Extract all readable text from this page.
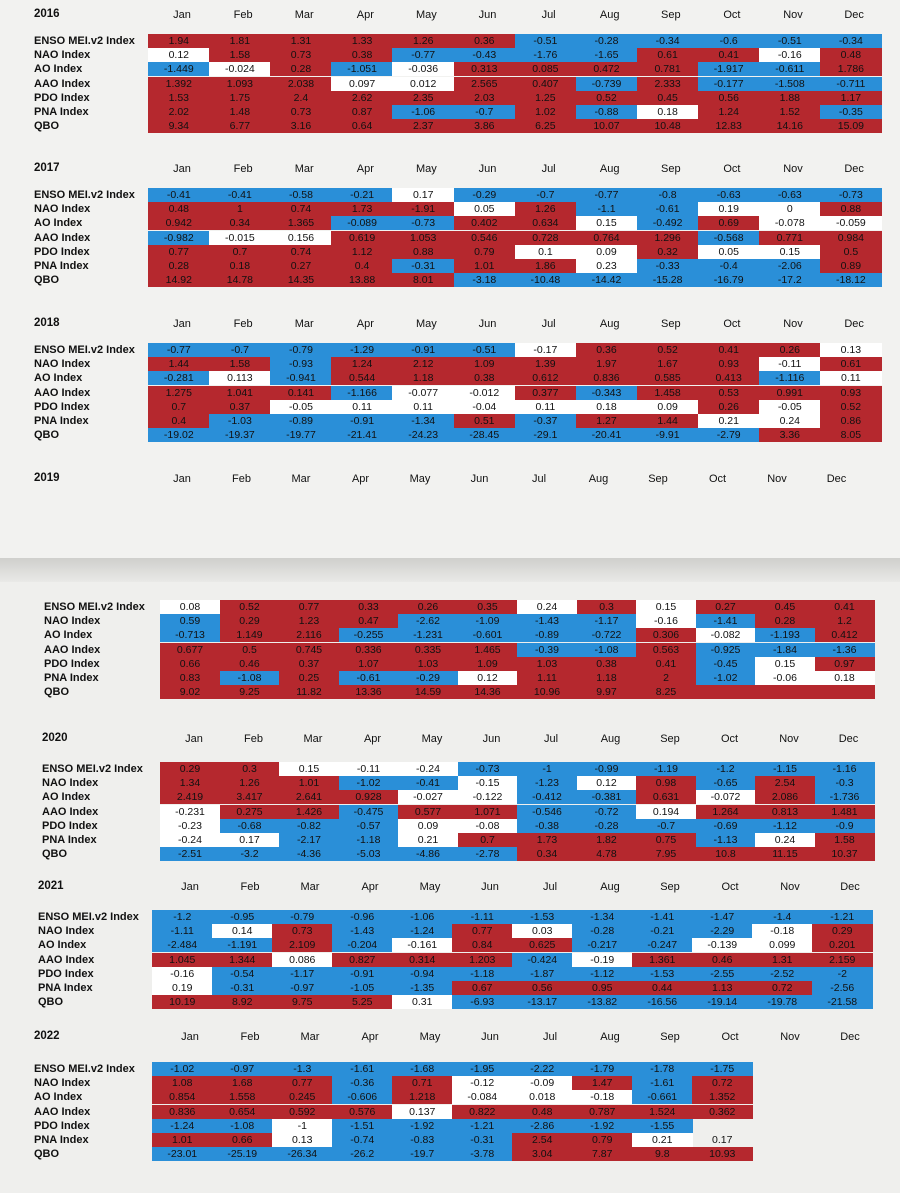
2016	Jan	Feb	Mar	Apr	May	Jun	Jul	Aug	Sep	Oct	Nov	Dec
ENSO MEI.v2 Index	1.94	1.81	1.31	1.33	1.26	0.36	-0.51	-0.28	-0.34	-0.6	-0.51	-0.34
NAO Index	0.12	1.58	0.73	0.38	-0.77	-0.43	-1.76	-1.65	0.61	0.41	-0.16	0.48
AO Index	-1.449	-0.024	0.28	-1.051	-0.036	0.313	0.085	0.472	0.781	-1.917	-0.611	1.786
AAO Index	1.392	1.093	2.038	0.097	0.012	2.565	0.407	-0.739	2.333	-0.177	-1.508	-0.711
PDO Index	1.53	1.75	2.4	2.62	2.35	2.03	1.25	0.52	0.45	0.56	1.88	1.17
PNA Index	2.02	1.48	0.73	0.87	-1.06	-0.7	1.02	-0.88	0.18	1.24	1.52	-0.35
QBO	9.34	6.77	3.16	0.64	2.37	3.86	6.25	10.07	10.48	12.83	14.16	15.09
2017	Jan	Feb	Mar	Apr	May	Jun	Jul	Aug	Sep	Oct	Nov	Dec
ENSO MEI.v2 Index	-0.41	-0.41	-0.58	-0.21	0.17	-0.29	-0.7	-0.77	-0.8	-0.63	-0.63	-0.73
NAO Index	0.48	1	0.74	1.73	-1.91	0.05	1.26	-1.1	-0.61	0.19	0	0.88
AO Index	0.942	0.34	1.365	-0.089	-0.73	0.402	0.634	0.15	-0.492	0.69	-0.078	-0.059
AAO Index	-0.982	-0.015	0.156	0.619	1.053	0.546	0.728	0.764	1.296	-0.568	0.771	0.984
PDO Index	0.77	0.7	0.74	1.12	0.88	0.79	0.1	0.09	0.32	0.05	0.15	0.5
PNA Index	0.28	0.18	0.27	0.4	-0.31	1.01	1.86	0.23	-0.33	-0.4	-2.06	0.89
QBO	14.92	14.78	14.35	13.88	8.01	-3.18	-10.48	-14.42	-15.28	-16.79	-17.2	-18.12
2018	Jan	Feb	Mar	Apr	May	Jun	Jul	Aug	Sep	Oct	Nov	Dec
ENSO MEI.v2 Index	-0.77	-0.7	-0.79	-1.29	-0.91	-0.51	-0.17	0.36	0.52	0.41	0.26	0.13
NAO Index	1.44	1.58	-0.93	1.24	2.12	1.09	1.39	1.97	1.67	0.93	-0.11	0.61
AO Index	-0.281	0.113	-0.941	0.544	1.18	0.38	0.612	0.836	0.585	0.413	-1.116	0.11
AAO Index	1.275	1.041	0.141	-1.166	-0.077	-0.012	0.377	-0.343	1.458	0.53	0.991	0.93
PDO Index	0.7	0.37	-0.05	0.11	0.11	-0.04	0.11	0.18	0.09	0.26	-0.05	0.52
PNA Index	0.4	-1.03	-0.89	-0.91	-1.34	0.51	-0.37	1.27	1.44	0.21	0.24	0.86
QBO	-19.02	-19.37	-19.77	-21.41	-24.23	-28.45	-29.1	-20.41	-9.91	-2.79	3.36	8.05
2019	Jan	Feb	Mar	Apr	May	Jun	Jul	Aug	Sep	Oct	Nov	Dec
ENSO MEI.v2 Index	0.08	0.52	0.77	0.33	0.26	0.35	0.24	0.3	0.15	0.27	0.45	0.41
NAO Index	0.59	0.29	1.23	0.47	-2.62	-1.09	-1.43	-1.17	-0.16	-1.41	0.28	1.2
AO Index	-0.713	1.149	2.116	-0.255	-1.231	-0.601	-0.89	-0.722	0.306	-0.082	-1.193	0.412
AAO Index	0.677	0.5	0.745	0.336	0.335	1.465	-0.39	-1.08	0.563	-0.925	-1.84	-1.36
PDO Index	0.66	0.46	0.37	1.07	1.03	1.09	1.03	0.38	0.41	-0.45	0.15	0.97
PNA Index	0.83	-1.08	0.25	-0.61	-0.29	0.12	1.11	1.18	2	-1.02	-0.06	0.18
QBO	9.02	9.25	11.82	13.36	14.59	14.36	10.96	9.97	8.25
2020	Jan	Feb	Mar	Apr	May	Jun	Jul	Aug	Sep	Oct	Nov	Dec
ENSO MEI.v2 Index	0.29	0.3	0.15	-0.11	-0.24	-0.73	-1	-0.99	-1.19	-1.2	-1.15	-1.16
NAO Index	1.34	1.26	1.01	-1.02	-0.41	-0.15	-1.23	0.12	0.98	-0.65	2.54	-0.3
AO Index	2.419	3.417	2.641	0.928	-0.027	-0.122	-0.412	-0.381	0.631	-0.072	2.086	-1.736
AAO Index	-0.231	0.275	1.426	-0.475	0.577	1.071	-0.546	-0.72	0.194	1.264	0.813	1.481
PDO Index	-0.23	-0.68	-0.82	-0.57	0.09	-0.08	-0.38	-0.28	-0.7	-0.69	-1.12	-0.9
PNA Index	-0.24	0.17	-2.17	-1.18	0.21	0.7	1.73	1.82	0.75	-1.13	0.24	1.58
QBO	-2.51	-3.2	-4.36	-5.03	-4.86	-2.78	0.34	4.78	7.95	10.8	11.15	10.37
2021	Jan	Feb	Mar	Apr	May	Jun	Jul	Aug	Sep	Oct	Nov	Dec
ENSO MEI.v2 Index	-1.2	-0.95	-0.79	-0.96	-1.06	-1.11	-1.53	-1.34	-1.41	-1.47	-1.4	-1.21
NAO Index	-1.11	0.14	0.73	-1.43	-1.24	0.77	0.03	-0.28	-0.21	-2.29	-0.18	0.29
AO Index	-2.484	-1.191	2.109	-0.204	-0.161	0.84	0.625	-0.217	-0.247	-0.139	0.099	0.201
AAO Index	1.045	1.344	0.086	0.827	0.314	1.203	-0.424	-0.19	1.361	0.46	1.31	2.159
PDO Index	-0.16	-0.54	-1.17	-0.91	-0.94	-1.18	-1.87	-1.12	-1.53	-2.55	-2.52	-2
PNA Index	0.19	-0.31	-0.97	-1.05	-1.35	0.67	0.56	0.95	0.44	1.13	0.72	-2.56
QBO	10.19	8.92	9.75	5.25	0.31	-6.93	-13.17	-13.82	-16.56	-19.14	-19.78	-21.58
2022	Jan	Feb	Mar	Apr	May	Jun	Jul	Aug	Sep	Oct	Nov	Dec
ENSO MEI.v2 Index	-1.02	-0.97	-1.3	-1.61	-1.68	-1.95	-2.22	-1.79	-1.78	-1.75
NAO Index	1.08	1.68	0.77	-0.36	0.71	-0.12	-0.09	1.47	-1.61	0.72
AO Index	0.854	1.558	0.245	-0.606	1.218	-0.084	0.018	-0.18	-0.661	1.352
AAO Index	0.836	0.654	0.592	0.576	0.137	0.822	0.48	0.787	1.524	0.362
PDO Index	-1.24	-1.08	-1	-1.51	-1.92	-1.21	-2.86	-1.92	-1.55
PNA Index	1.01	0.66	0.13	-0.74	-0.83	-0.31	2.54	0.79	0.21	0.17
QBO	-23.01	-25.19	-26.34	-26.2	-19.7	-3.78	3.04	7.87	9.8	10.93
